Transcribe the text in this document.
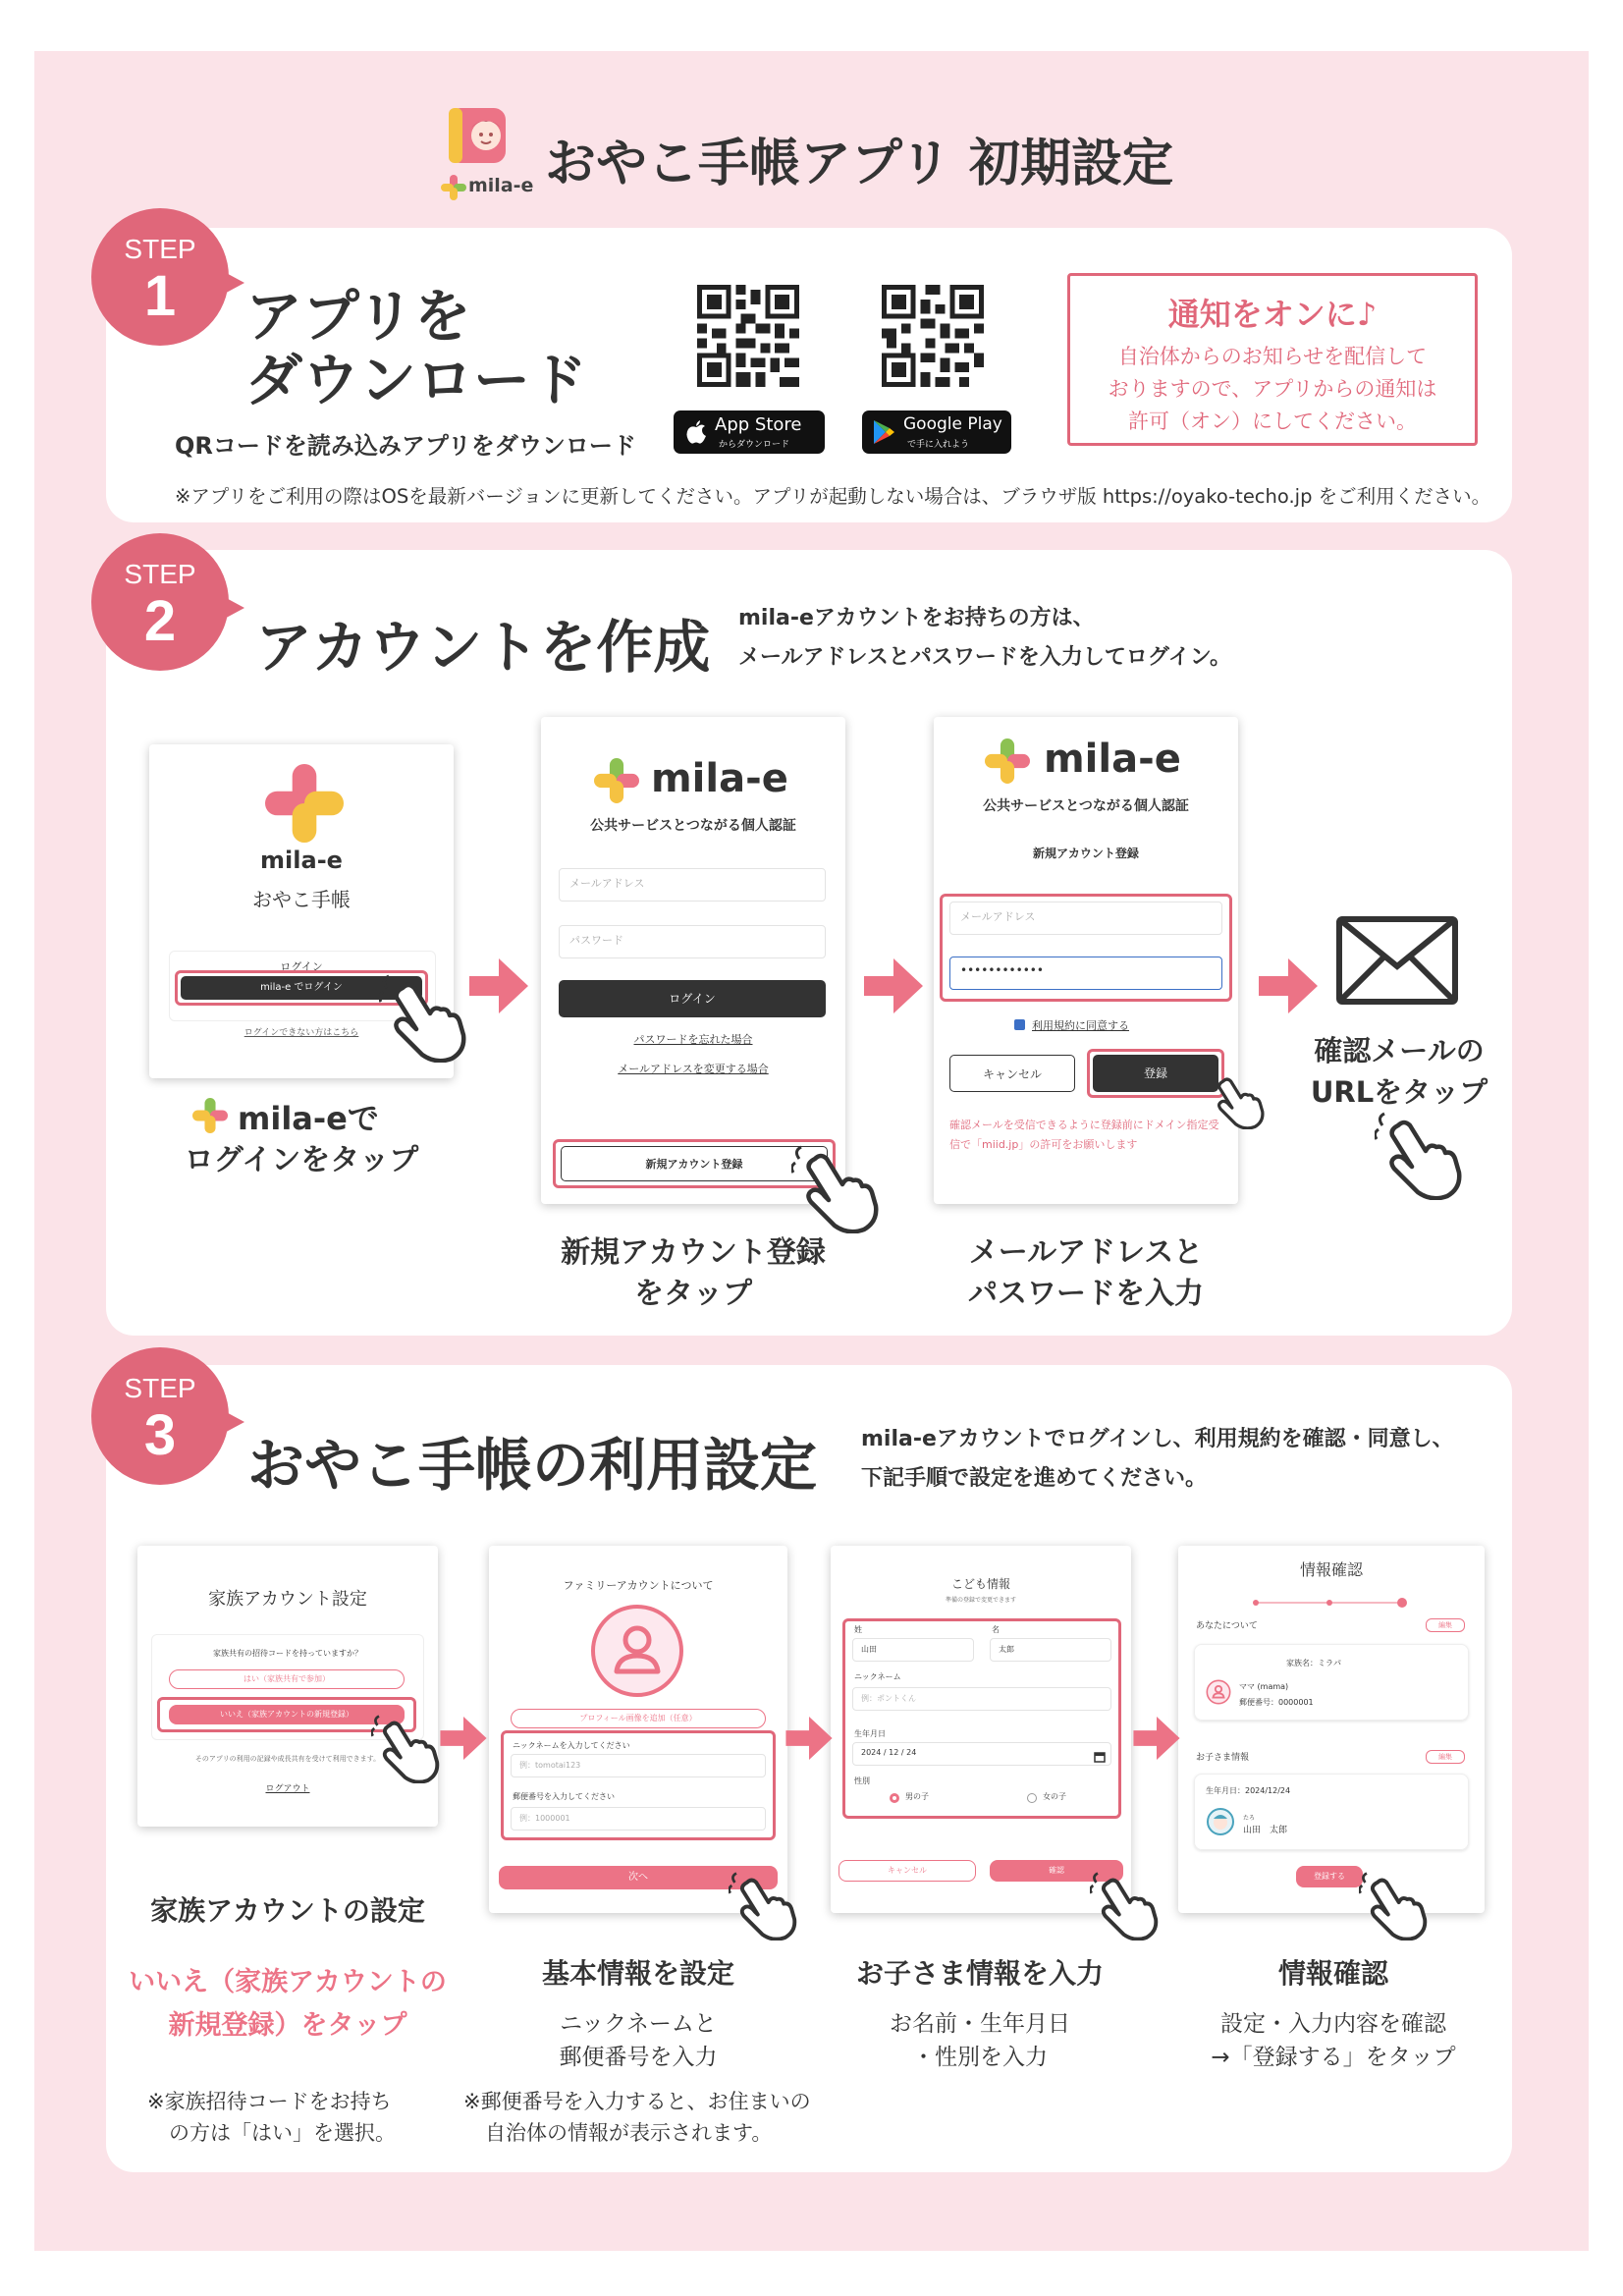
mila-e おやこ手帳アプリ 初期設定
STEP
1	アプリを
ダウンロード
QRコードを読み込みアプリをダウンロード
App Store
からダウンロード
Google Play
で手に入れよう
通知をオンに♪
自治体からのお知らせを配信して
おりますので、アプリからの通知は
許可（オン）にしてください。
※アプリをご利用の際はOSを最新バージョンに更新してください。アプリが起動しない場合は、ブラウザ版 https://oyako-techo.jp をご利用ください。
STEP
2	アカウントを作成 mila-eアカウントをお持ちの方は、
メールアドレスとパスワードを入力してログイン。
mila-e
おやこ手帳
ログイン
mila-e でログイン
ログインできない方はこちら
mila-e
公共サービスとつながる個人認証
メールアドレス
パスワード
ログイン
パスワードを忘れた場合
メールアドレスを変更する場合
新規アカウント登録
mila-e
公共サービスとつながる個人認証
新規アカウント登録
メールアドレス
••••••••••••
利用規約に同意する
キャンセル	登録
確認メールを受信できるように登録前にドメイン指定受信で「miid.jp」の許可をお願いします
mila-eで
ログインをタップ
新規アカウント登録
をタップ
メールアドレスと
パスワードを入力
確認メールの
URLをタップ
STEP
3	おやこ手帳の利用設定 mila-eアカウントでログインし、利用規約を確認・同意し、
下記手順で設定を進めてください。
家族アカウント設定
家族共有の招待コードを持っていますか？
はい（家族共有で参加）
いいえ（家族アカウントの新規登録）
そのアプリの利用の記録や成長共有を受けて利用できます。
ログアウト
ファミリーアカウントについて
プロフィール画像を追加（任意）
ニックネームを入力してください
例：tomotai123
郵便番号を入力してください
例：1000001
次へ
こども情報
準備の登録で変更できます
姓	名
山田	太郎
ニックネーム
例：ポントくん
生年月日
2024 / 12 / 24
性別
男の子	女の子
キャンセル	確認
情報確認
あなたについて	編集
家族名：ミラパ
ママ (mama)
郵便番号：0000001
お子さま情報	編集
生年月日：2024/12/24
たろ
山田　太郎
登録する
家族アカウントの設定
いいえ（家族アカウントの
新規登録）をタップ
※家族招待コードをお持ち
の方は「はい」を選択。
基本情報を設定
ニックネームと
郵便番号を入力
※郵便番号を入力すると、お住まいの
自治体の情報が表示されます。
お子さま情報を入力
お名前・生年月日
・性別を入力
情報確認
設定・入力内容を確認
→「登録する」をタップ
